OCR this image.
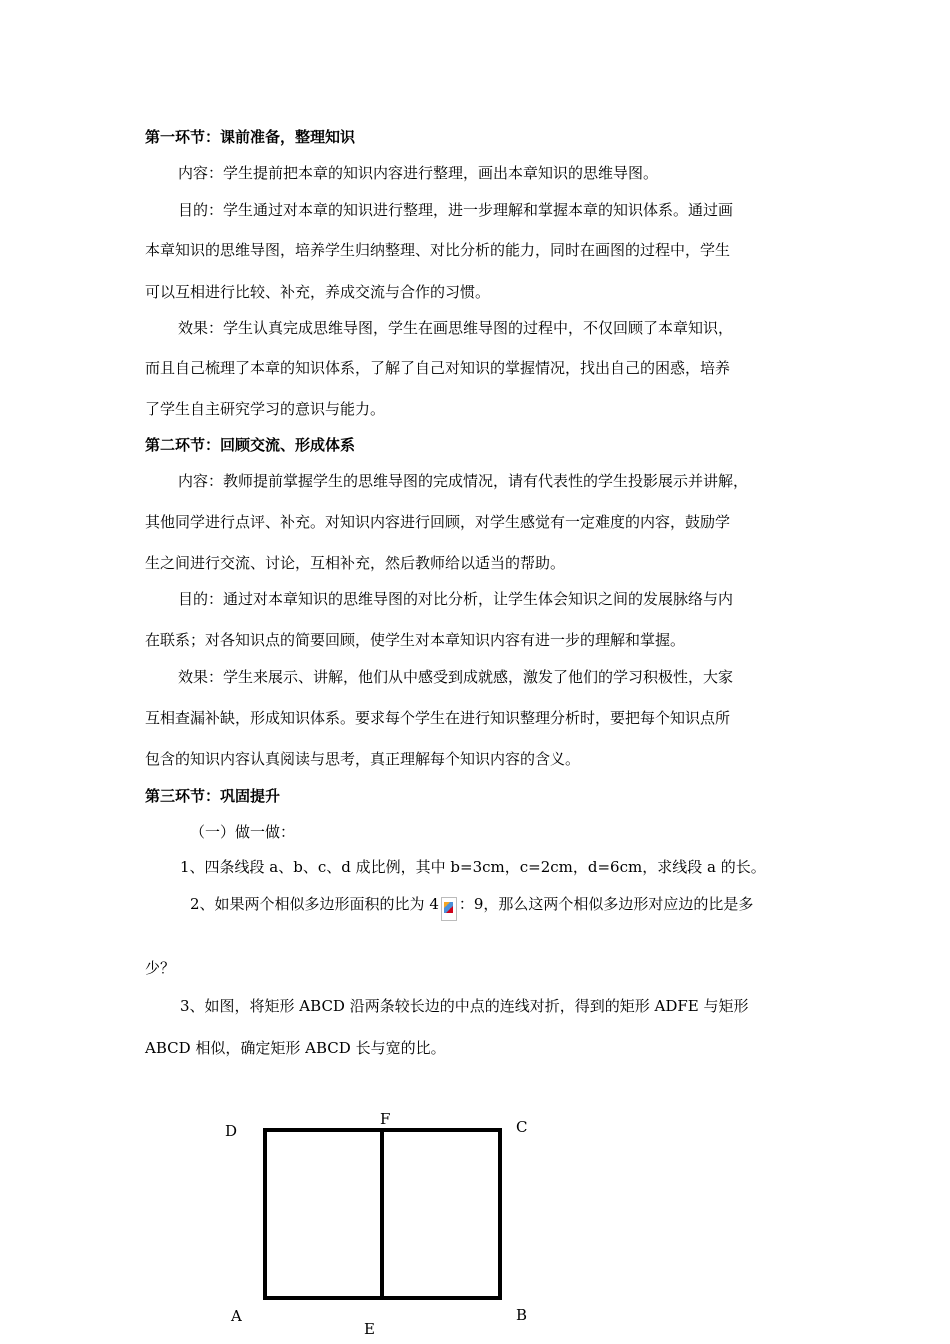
第一环节：课前准备，整理知识
内容：学生提前把本章的知识内容进行整理，画出本章知识的思维导图。
目的：学生通过对本章的知识进行整理，进一步理解和掌握本章的知识体系。通过画
本章知识的思维导图，培养学生归纳整理、对比分析的能力，同时在画图的过程中，学生
可以互相进行比较、补充，养成交流与合作的习惯。
效果：学生认真完成思维导图，学生在画思维导图的过程中，不仅回顾了本章知识，
而且自己梳理了本章的知识体系，了解了自己对知识的掌握情况，找出自己的困惑，培养
了学生自主研究学习的意识与能力。
第二环节：回顾交流、形成体系
内容：教师提前掌握学生的思维导图的完成情况，请有代表性的学生投影展示并讲解，
其他同学进行点评、补充。对知识内容进行回顾，对学生感觉有一定难度的内容，鼓励学
生之间进行交流、讨论，互相补充，然后教师给以适当的帮助。
目的：通过对本章知识的思维导图的对比分析，让学生体会知识之间的发展脉络与内
在联系；对各知识点的简要回顾，使学生对本章知识内容有进一步的理解和掌握。
效果：学生来展示、讲解，他们从中感受到成就感，激发了他们的学习积极性，大家
互相查漏补缺，形成知识体系。要求每个学生在进行知识整理分析时，要把每个知识点所
包含的知识内容认真阅读与思考，真正理解每个知识内容的含义。
第三环节：巩固提升
（一）做一做：
1、四条线段 a、b、c、d 成比例，其中 b=3cm，c=2cm，d=6cm，求线段 a 的长。
2、如果两个相似多边形面积的比为 4 ：9，那么这两个相似多边形对应边的比是多
少？
3、如图，将矩形 ABCD 沿两条较长边的中点的连线对折，得到的矩形 ADFE 与矩形
ABCD 相似，确定矩形 ABCD 长与宽的比。
D
F	C
A
E
B
